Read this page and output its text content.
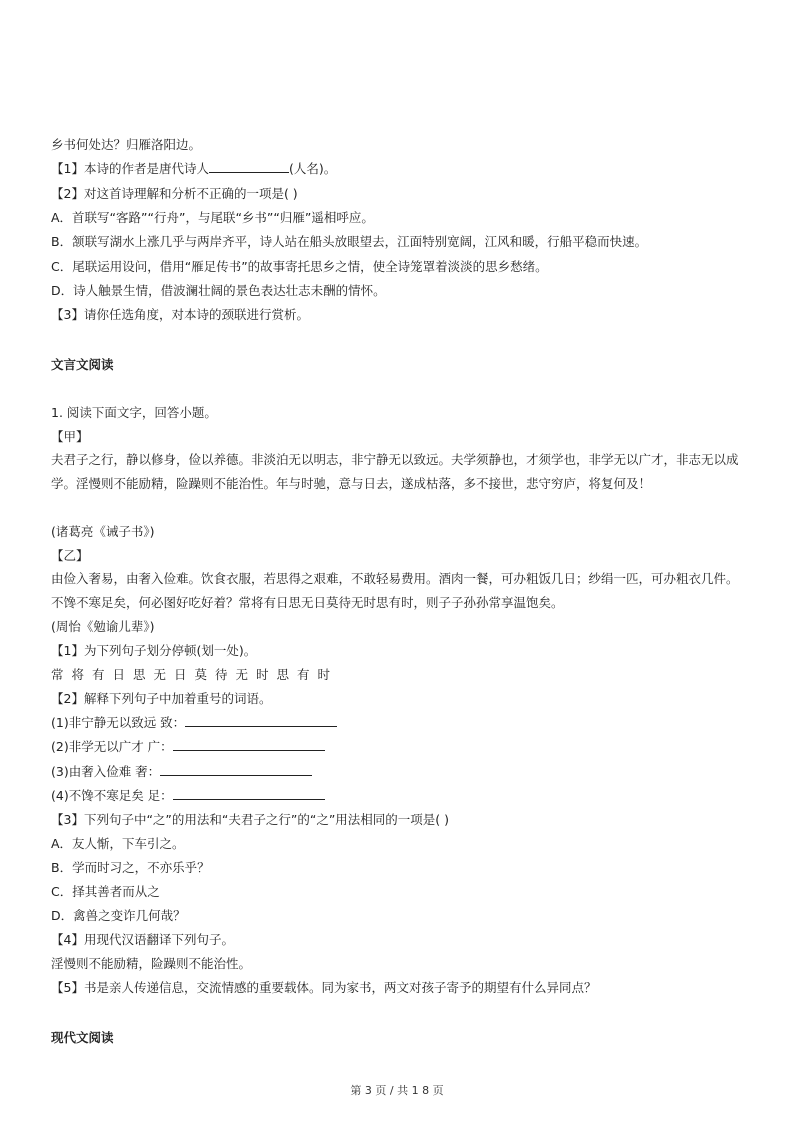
乡书何处达？归雁洛阳边。

【1】本诗的作者是唐代诗人	(人名)。

【2】对这首诗理解和分析不正确的一项是( )

A．首联写“客路”“行舟”，与尾联“乡书”“归雁”遥相呼应。

B．颔联写湖水上涨几乎与两岸齐平，诗人站在船头放眼望去，江面特别宽阔，江风和暖，行船平稳而快速。

C．尾联运用设问，借用“雁足传书”的故事寄托思乡之情，使全诗笼罩着淡淡的思乡愁绪。

D．诗人触景生情，借波澜壮阔的景色表达壮志未酬的情怀。

【3】请你任选角度，对本诗的颈联进行赏析。

文言文阅读

1. 阅读下面文字，回答小题。

【甲】

夫君子之行，静以修身，俭以养德。非淡泊无以明志，非宁静无以致远。夫学须静也，才须学也，非学无以广才，非志无以成学。淫慢则不能励精，险躁则不能治性。年与时驰，意与日去，遂成枯落，多不接世，悲守穷庐，将复何及！

(诸葛亮《诫子书》)

【乙】

由俭入奢易，由奢入俭难。饮食衣服，若思得之艰难，不敢轻易费用。酒肉一餐，可办粗饭几日；纱绢一匹，可办粗衣几件。不馋不寒足矣，何必图好吃好着？常将有日思无日莫待无时思有时，则子子孙孙常享温饱矣。

(周怡《勉谕儿辈》)

【1】为下列句子划分停顿(划一处)。

常将有日思无日莫待无时思有时

【2】解释下列句子中加着重号的词语。

(1)非宁静无以致远 致：

(2)非学无以广才 广：

(3)由奢入俭难 奢：

(4)不馋不寒足矣 足：

【3】下列句子中“之”的用法和“夫君子之行”的“之”用法相同的一项是( )

A．友人惭，下车引之。

B．学而时习之，不亦乐乎？

C．择其善者而从之

D．禽兽之变诈几何哉？

【4】用现代汉语翻译下列句子。

淫慢则不能励精，险躁则不能治性。

【5】书是亲人传递信息，交流情感的重要载体。同为家书，两文对孩子寄予的期望有什么异同点？

现代文阅读

第 3 页 / 共 1 8 页
